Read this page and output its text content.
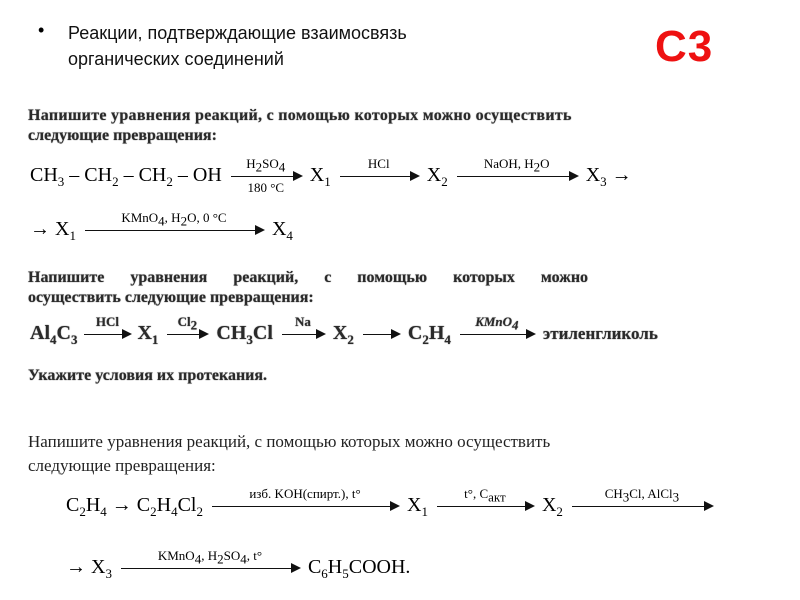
• Реакции, подтверждающие взаимосвязь
органических соединений	C3
Напишите уравнения реакций, с помощью которых можно осуществить
следующие превращения:
$CH_3 - CH_2 - CH_2$ – OH
$H_2SO_4$
180 °C
$X_1$
HCl
$X_2$
NaOH, $H_2O$
$X_3$ →
→ $X_1$
KMnO$_4$, $H_2O$, 0 °C
$X_4$
Напишите уравнения реакций, с помощью которых можно
осуществить следующие превращения:
$Al_4C_3$
HCl
$X_1$
$Cl_2$ $CH_3Cl$
Na
$X_2$	$C_2H_4$
KMnO$_4$	этиленгликоль
Укажите условия их протекания.
Напишите уравнения реакций, с помощью которых можно осуществить
следующие превращения:
$C_2H_4 \to C_2H_4Cl_2$
изб. KOH(спирт.), t°
$X_1$
t°, $C_{акт}$	$X_2$
$CH_3Cl$, AlCl$_3$
→ $X_3$
KMnO$_4$, $H_2SO_4$, t°
$C_6H_5COOH$.
